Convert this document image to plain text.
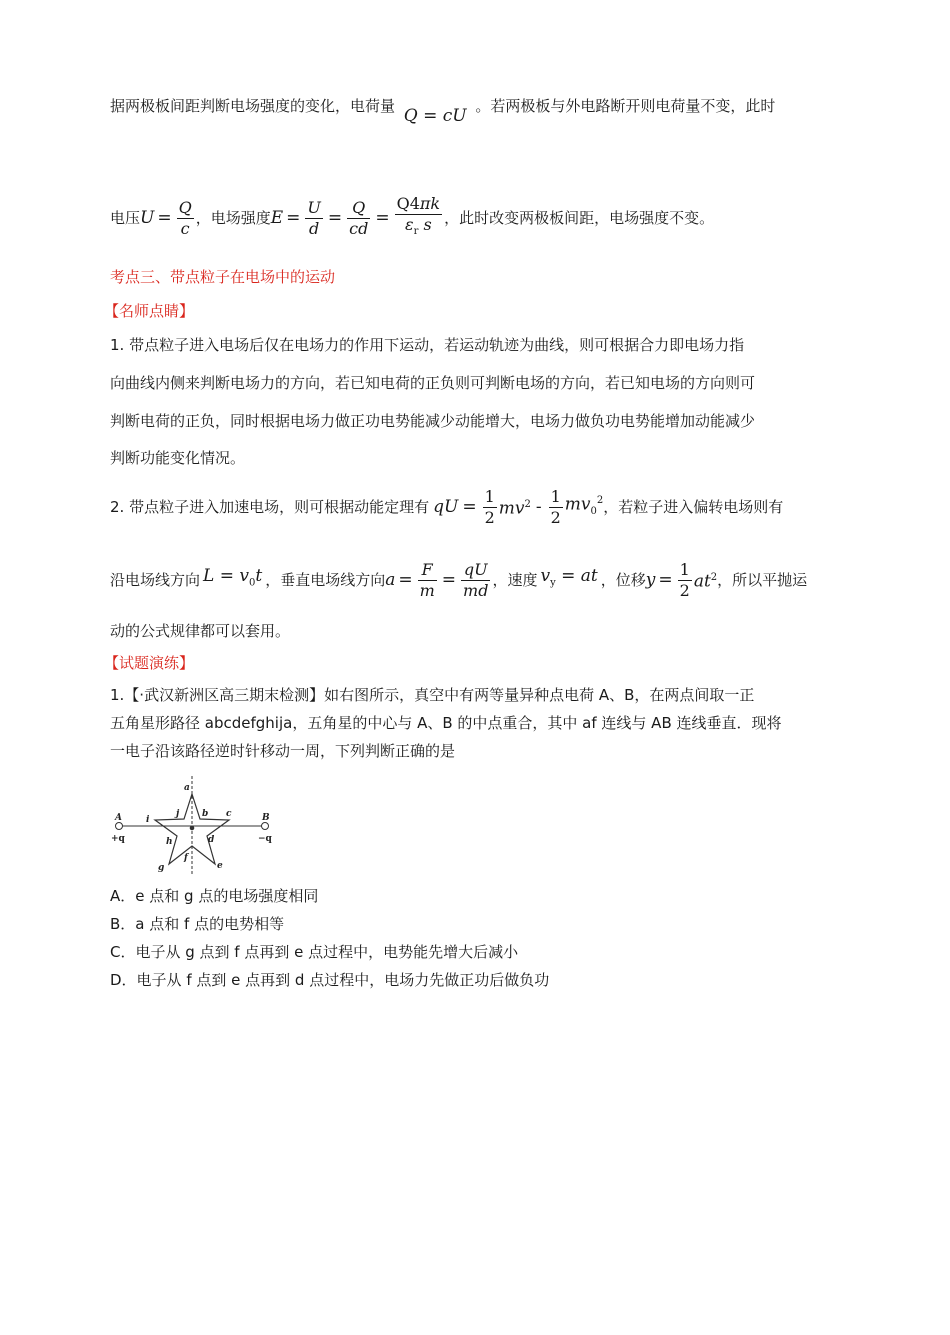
据两极板间距判断电场强度的变化，电荷量 Q = cU 。若两极板与外电路断开则电荷量不变，此时
电压 $U = \frac{Q}{c}$ ，电场强度 $E = \frac{U}{d} = \frac{Q}{cd} = \frac{Q4\pi k}{\varepsilon_r s}$ ，此时改变两极板间距，电场强度不变。
考点三、带点粒子在电场中的运动
【名师点睛】
1. 带点粒子进入电场后仅在电场力的作用下运动，若运动轨迹为曲线，则可根据合力即电场力指
向曲线内侧来判断电场力的方向，若已知电荷的正负则可判断电场的方向，若已知电场的方向则可
判断电荷的正负，同时根据电场力做正功电势能减少动能增大，电场力做负功电势能增加动能减少
判断功能变化情况。
2. 带点粒子进入加速电场，则可根据动能定理有 qU = $\frac{1}{2} mv^2 - \frac{1}{2} mv_0^2$ ，若粒子进入偏转电场则有
沿电场线方向 $L = v_0t$ ，垂直电场线方向 $a = \frac{F}{m} = \frac{qU}{md}$ ，速度 $v_y$ = at ，位移 $y = \frac{1}{2} at^2$ ，所以平抛运
动的公式规律都可以套用。
【试题演练】
1.【·武汉新洲区高三期末检测】如右图所示，真空中有两等量异种点电荷 A、B，在两点间取一正
五角星形路径 abcdefghija，五角星的中心与 A、B 的中点重合，其中 af 连线与 AB 连线垂直．现将
一电子沿该路径逆时针移动一周，下列判断正确的是
A
+q
B
−q
a
b c
d
e
f
g
h
i
j
A．e 点和 g 点的电场强度相同
B．a 点和 f 点的电势相等
C．电子从 g 点到 f 点再到 e 点过程中，电势能先增大后减小
D．电子从 f 点到 e 点再到 d 点过程中，电场力先做正功后做负功
